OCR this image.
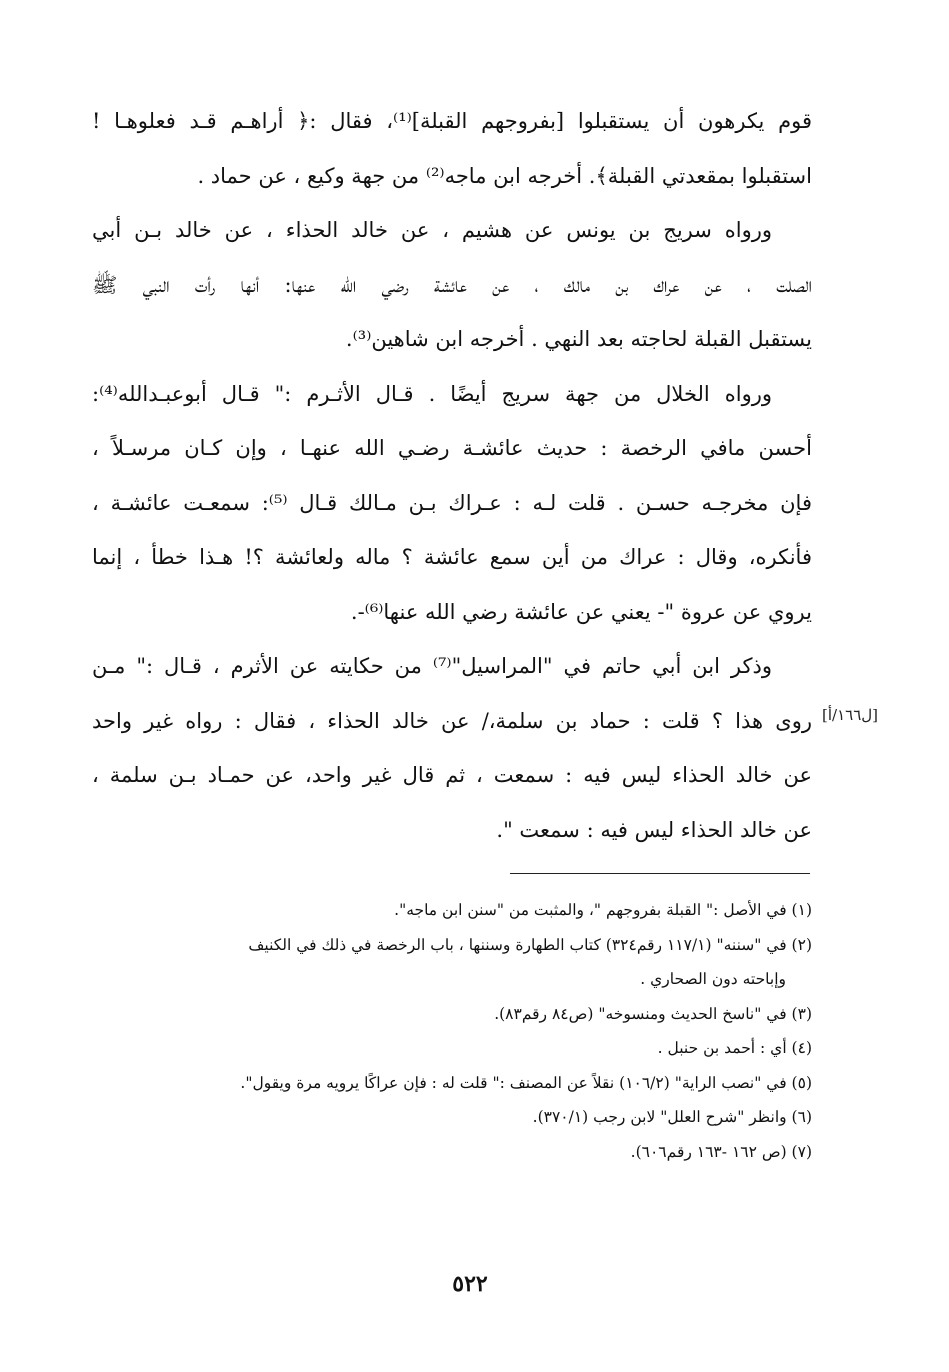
قوم يكرهون أن يستقبلوا [بفروجهم القبلة]⁽¹⁾، فقال :﴿ أراهـم قـد فعلوهـا !
استقبلوا بمقعدتي القبلة﴾. أخرجه ابن ماجه⁽²⁾ من جهة وكيع ، عن حماد .
ورواه سريج بن يونس عن هشيم ، عن خالد الحذاء ، عن خالد بـن أبي
الصلت ، عن عراك بن مالك ، عن عائشة رضي الله عنها: أنها رأت النبي ﷺ
يستقبل القبلة لحاجته بعد النهي . أخرجه ابن شاهين⁽³⁾.
ورواه الخلال من جهة سريج أيضًا . قـال الأثـرم :" قـال أبوعبـدالله⁽⁴⁾:
أحسن مافي الرخصة : حديث عائشـة رضـي الله عنهـا ، وإن كـان مرسـلاً ،
فإن مخرجـه حسـن . قلت لـه : عـراك بـن مـالك قـال ⁽⁵⁾: سمعـت عائشـة ،
فأنكره، وقال : عراك من أين سمع عائشة ؟ ماله ولعائشة ؟! هـذا خطأ ، إنما
يروي عن عروة "- يعني عن عائشة رضي الله عنها⁽⁶⁾-.
وذكر ابن أبي حاتم في "المراسيل"⁽⁷⁾ من حكايته عن الأثرم ، قـال :" مـن
روى هذا ؟ قلت : حماد بن سلمة،/ عن خالد الحذاء ، فقال : رواه غير واحد
عن خالد الحذاء ليس فيه : سمعت ، ثم قال غير واحد، عن حمـاد بـن سلمة ،
عن خالد الحذاء ليس فيه : سمعت ".
[ل١٦٦/أ]
(١) في الأصل :" القبلة بفروجهم "، والمثبت من "سنن ابن ماجه".
(٢) في "سننه" (١١٧/١ رقم٣٢٤) كتاب الطهارة وسننها ، باب الرخصة في ذلك في الكنيف
وإباحته دون الصحاري .
(٣) في "ناسخ الحديث ومنسوخه" (ص٨٤ رقم٨٣).
(٤) أي : أحمد بن حنبل .
(٥) في "نصب الراية" (١٠٦/٢) نقلاً عن المصنف :" قلت له : فإن عراكًا يرويه مرة ويقول".
(٦) وانظر "شرح العلل" لابن رجب (٣٧٠/١).
(٧) (ص ١٦٢ -١٦٣ رقم٦٠٦).
٥٢٢
